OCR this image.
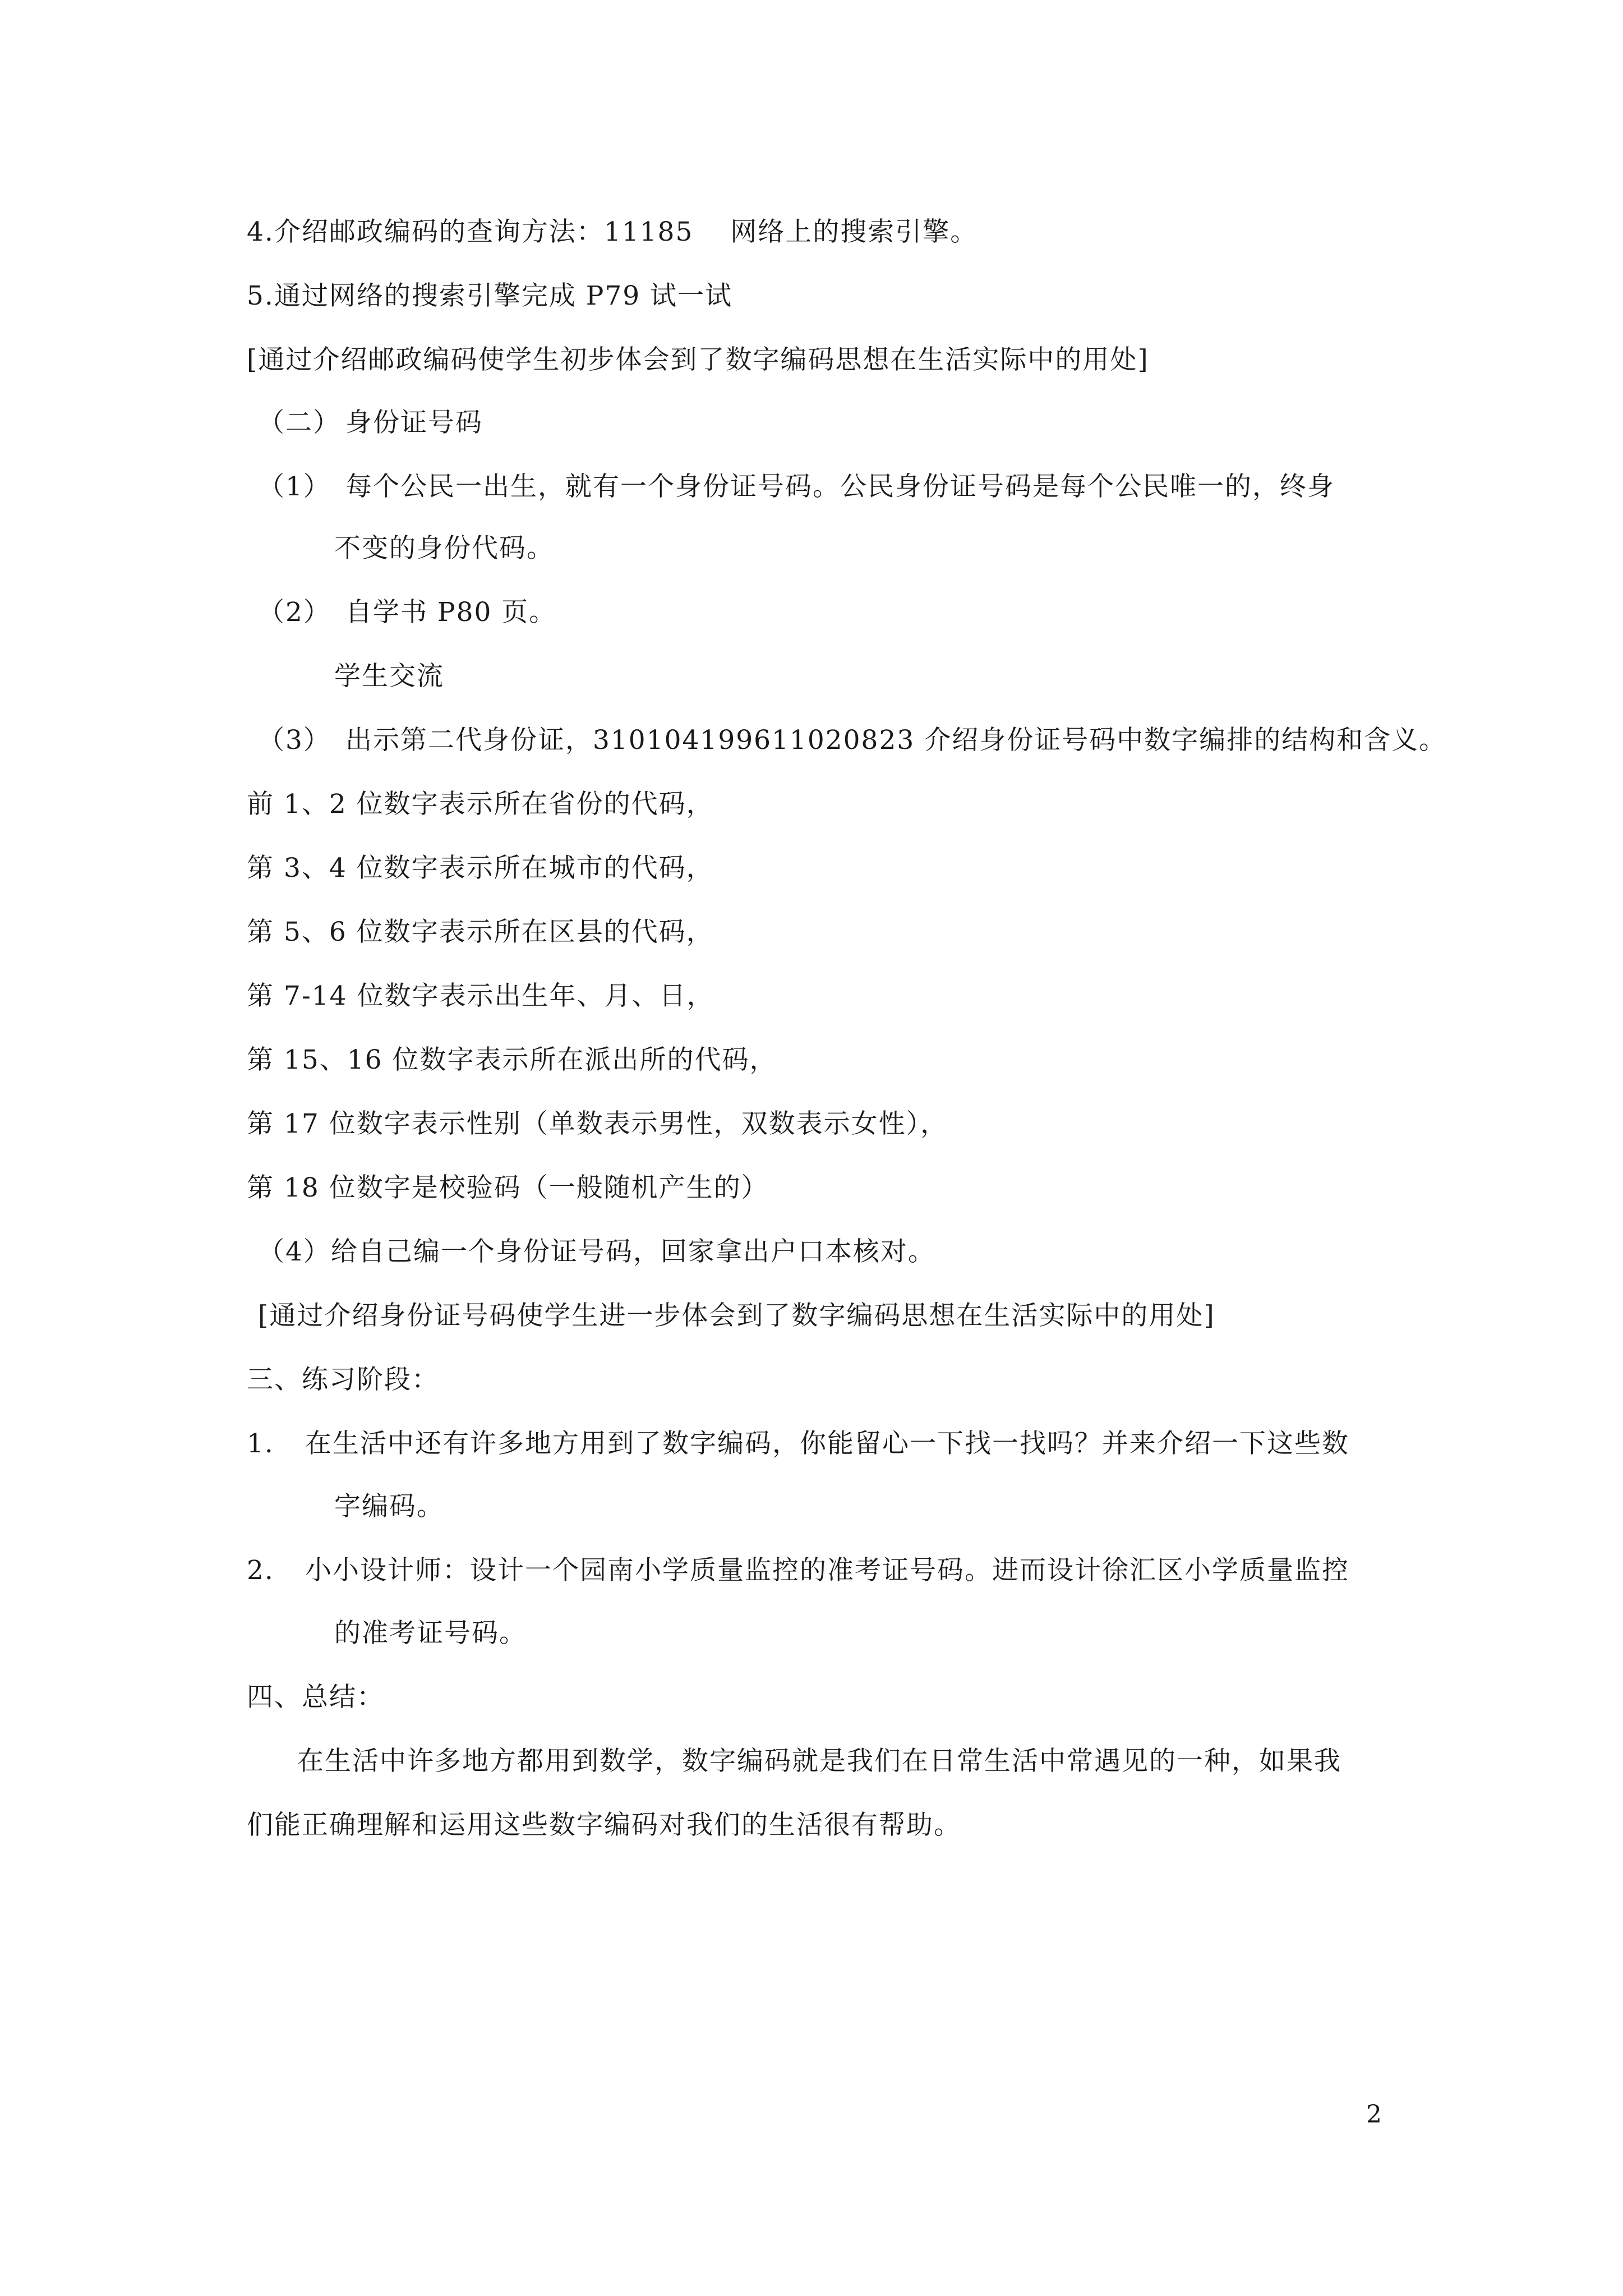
4.介绍邮政编码的查询方法：11185　 网络上的搜索引擎。
5.通过网络的搜索引擎完成 P79 试一试
[通过介绍邮政编码使学生初步体会到了数字编码思想在生活实际中的用处]
（二） 身份证号码
（1） 每个公民一出生，就有一个身份证号码。公民身份证号码是每个公民唯一的，终身
不变的身份代码。
（2） 自学书 P80 页。
学生交流
（3） 出示第二代身份证，310104199611020823 介绍身份证号码中数字编排的结构和含义。
前 1、2 位数字表示所在省份的代码，
第 3、4 位数字表示所在城市的代码，
第 5、6 位数字表示所在区县的代码，
第 7-14 位数字表示出生年、月、日，
第 15、16 位数字表示所在派出所的代码，
第 17 位数字表示性别（单数表示男性，双数表示女性），
第 18 位数字是校验码（一般随机产生的）
（4）给自己编一个身份证号码，回家拿出户口本核对。
[通过介绍身份证号码使学生进一步体会到了数字编码思想在生活实际中的用处]
三、练习阶段：
1. 在生活中还有许多地方用到了数字编码，你能留心一下找一找吗？并来介绍一下这些数
字编码。
2. 小小设计师：设计一个园南小学质量监控的准考证号码。进而设计徐汇区小学质量监控
的准考证号码。
四、总结：
在生活中许多地方都用到数学，数字编码就是我们在日常生活中常遇见的一种，如果我
们能正确理解和运用这些数字编码对我们的生活很有帮助。
2
